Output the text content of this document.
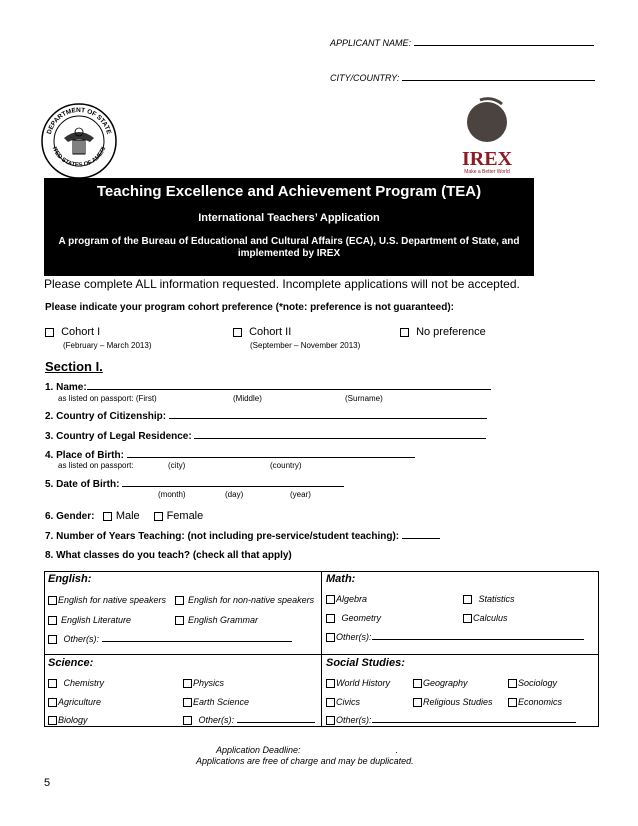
APPLICANT NAME:
CITY/COUNTRY:
DEPARTMENT OF STATE
ITED STATES OF AMERI	IREX
Make a Better World
Teaching Excellence and Achievement Program (TEA)
International Teachers’ Application
A program of the Bureau of Educational and Cultural Affairs (ECA), U.S. Department of State, and implemented by IREX
Please complete ALL information requested. Incomplete applications will not be accepted.
Please indicate your program cohort preference (*note: preference is not guaranteed):
Cohort I
(February – March 2013)
Cohort II
(September – November 2013)
No preference
Section I.
1. Name:
as listed on passport: (First)	(Middle)	(Surname)
2. Country of Citizenship:
3. Country of Legal Residence:
4. Place of Birth:
as listed on passport:	(city)	(country)
5. Date of Birth:
(month)	(day)	(year)
6. Gender: Male Female
7. Number of Years Teaching: (not including pre-service/student teaching):
8. What classes do you teach? (check all that apply)
English:
English for native speakers	English for non-native speakers
English Literature	English Grammar
Other(s):
Math:
Algebra	Statistics
Geometry	Calculus
Other(s):
Science:
Chemistry	Physics
Agriculture	Earth Science
Biology	Other(s):
Social Studies:
World History	Geography	Sociology
Civics	Religious Studies	Economics
Other(s):
Application Deadline:	.
Applications are free of charge and may be duplicated.
5
